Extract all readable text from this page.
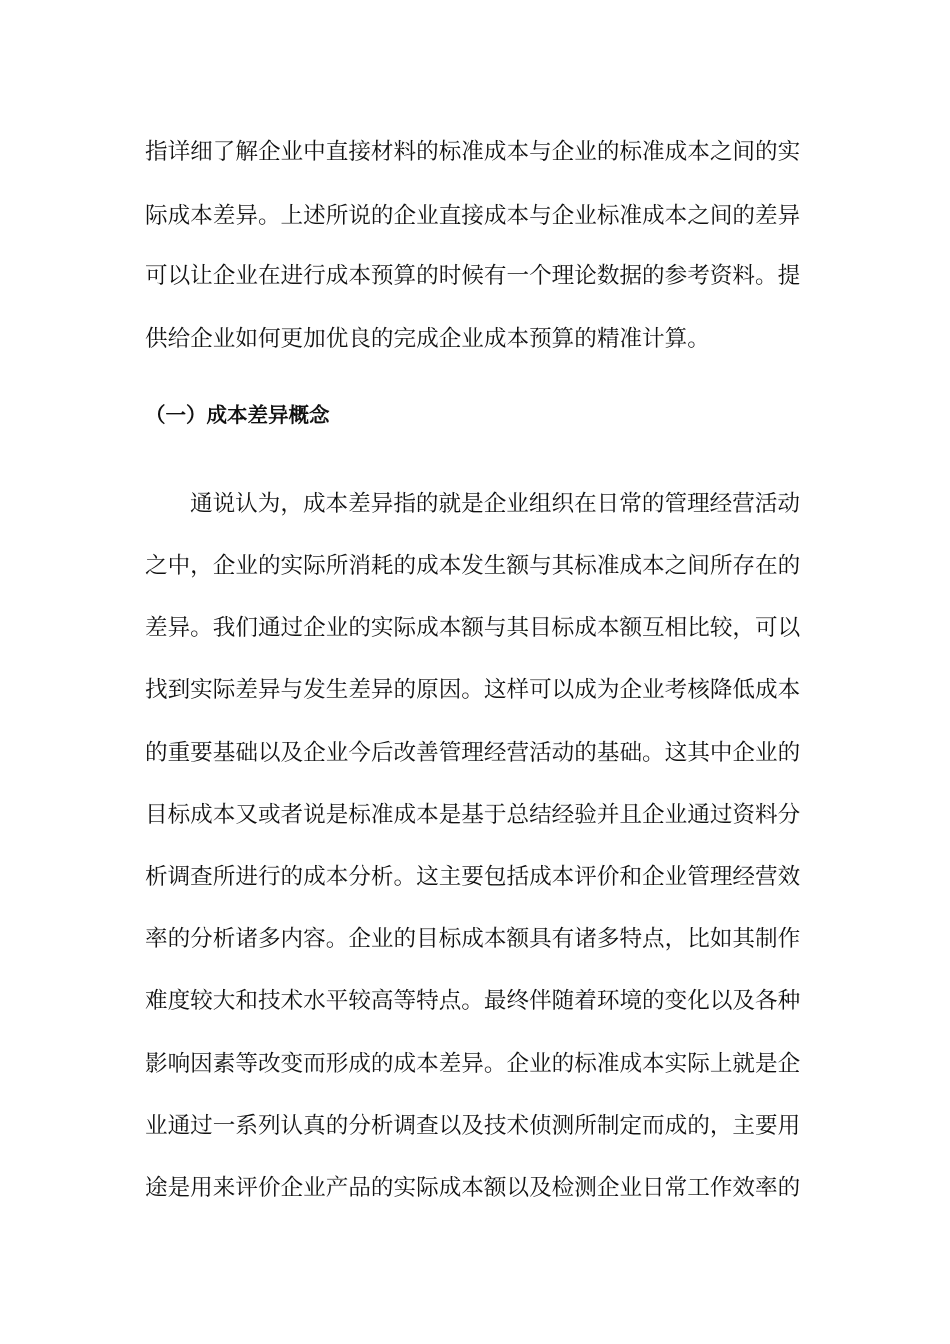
指详细了解企业中直接材料的标准成本与企业的标准成本之间的实
际成本差异。上述所说的企业直接成本与企业标准成本之间的差异
可以让企业在进行成本预算的时候有一个理论数据的参考资料。提
供给企业如何更加优良的完成企业成本预算的精准计算。
（一）成本差异概念
通说认为，成本差异指的就是企业组织在日常的管理经营活动
之中，企业的实际所消耗的成本发生额与其标准成本之间所存在的
差异。我们通过企业的实际成本额与其目标成本额互相比较，可以
找到实际差异与发生差异的原因。这样可以成为企业考核降低成本
的重要基础以及企业今后改善管理经营活动的基础。这其中企业的
目标成本又或者说是标准成本是基于总结经验并且企业通过资料分
析调查所进行的成本分析。这主要包括成本评价和企业管理经营效
率的分析诸多内容。企业的目标成本额具有诸多特点，比如其制作
难度较大和技术水平较高等特点。最终伴随着环境的变化以及各种
影响因素等改变而形成的成本差异。企业的标准成本实际上就是企
业通过一系列认真的分析调查以及技术侦测所制定而成的，主要用
途是用来评价企业产品的实际成本额以及检测企业日常工作效率的
